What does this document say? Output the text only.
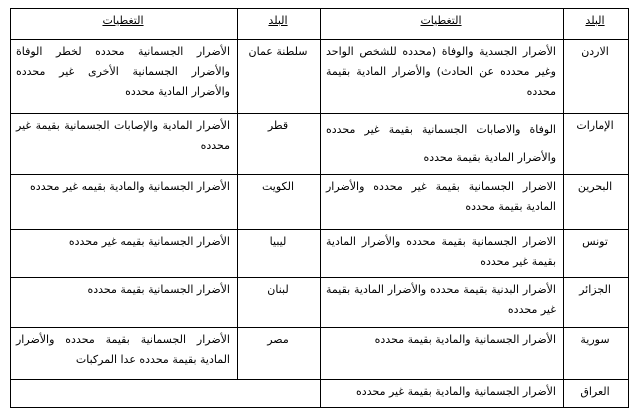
البلد	التغطيات	البلد	التغطيات
الاردن	الأضرار الجسدية والوفاة (محدده للشخص الواحد وغير محدده عن الحادث) والأضرار المادية بقيمة محدده	سلطنة عمان	الأضرار الجسمانية محدده لخطر الوفاة والأضرار الجسمانية الأخرى غير محدده والأضرار المادية محدده
الإمارات	الوفاة والاصابات الجسمانية بقيمة غير محدده والأضرار المادية بقيمة محدده	قطر	الأضرار المادية والإصابات الجسمانية بقيمة غير محدده
البحرين	الاضرار الجسمانية بقيمة غير محدده والأضرار المادية بقيمة محدده	الكويت	الأضرار الجسمانية والمادية بقيمه غير محدده
تونس	الاضرار الجسمانية بقيمة محدده والأضرار المادية بقيمة غير محدده	ليبيا	الأضرار الجسمانية بقيمه غير محدده
الجزائر	الأضرار البدنية بقيمة محدده والأضرار المادية بقيمة غير محدده	لبنان	الأضرار الجسمانية بقيمة محدده
سورية	الأضرار الجسمانية والمادية بقيمة محدده	مصر	الأضرار الجسمانية بقيمة محدده والأضرار المادية بقيمة محدده عدا المركبات
العراق	الأضرار الجسمانية والمادية بقيمة غير محدده		
